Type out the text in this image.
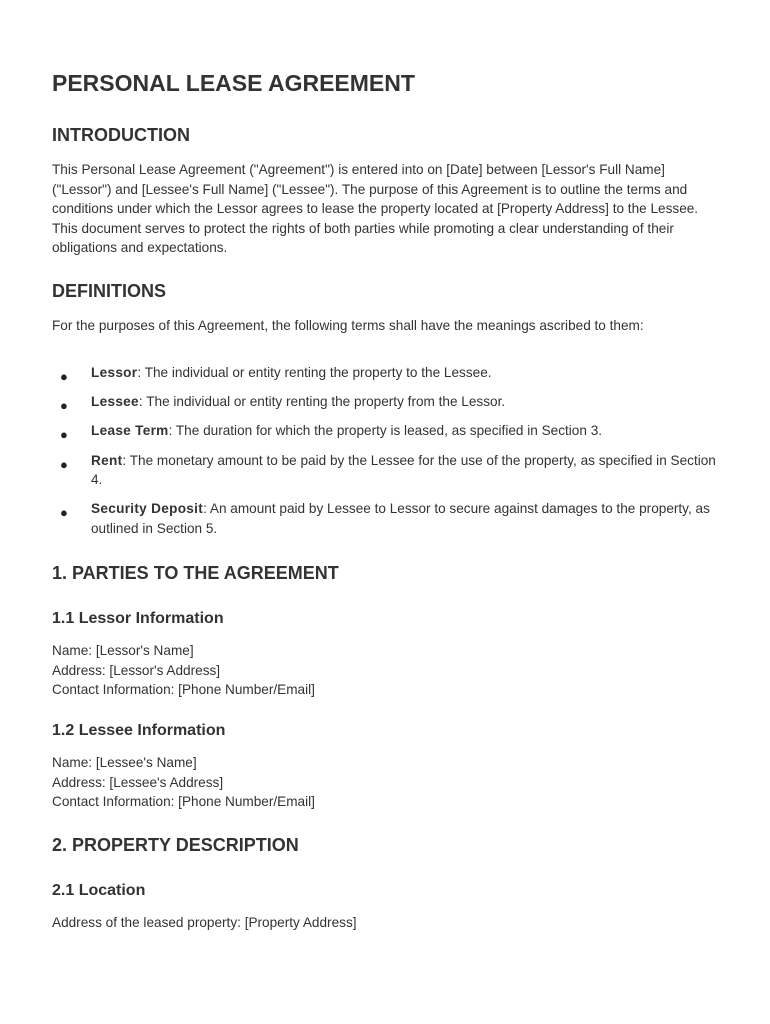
PERSONAL LEASE AGREEMENT
INTRODUCTION

This Personal Lease Agreement ("Agreement") is entered into on [Date] between [Lessor's Full Name] ("Lessor") and [Lessee's Full Name] ("Lessee"). The purpose of this Agreement is to outline the terms and conditions under which the Lessor agrees to lease the property located at [Property Address] to the Lessee. This document serves to protect the rights of both parties while promoting a clear understanding of their obligations and expectations.

DEFINITIONS

For the purposes of this Agreement, the following terms shall have the meanings ascribed to them:

● Lessor: The individual or entity renting the property to the Lessee.
● Lessee: The individual or entity renting the property from the Lessor.
● Lease Term: The duration for which the property is leased, as specified in Section 3.
● Rent: The monetary amount to be paid by the Lessee for the use of the property, as specified in Section 4.
● Security Deposit: An amount paid by Lessee to Lessor to secure against damages to the property, as outlined in Section 5.
1. PARTIES TO THE AGREEMENT
1.1 Lessor Information
Name: [Lessor's Name]
Address: [Lessor's Address]
Contact Information: [Phone Number/Email]
1.2 Lessee Information
Name: [Lessee's Name]
Address: [Lessee's Address]
Contact Information: [Phone Number/Email]
2. PROPERTY DESCRIPTION
2.1 Location

Address of the leased property: [Property Address]
